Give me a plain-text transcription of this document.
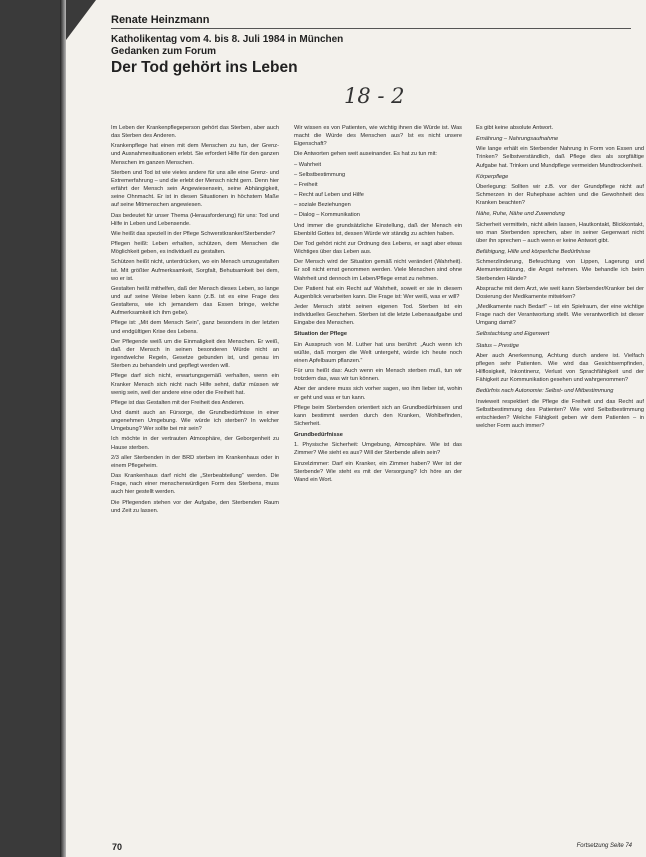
Renate Heinzmann
Katholikentag vom 4. bis 8. Juli 1984 in München
Gedanken zum Forum
Der Tod gehört ins Leben
18 - 2

Im Leben der Krankenpflegeperson gehört das Sterben, aber auch das Sterben des Anderen.

Krankenpflege hat einen mit dem Menschen zu tun, der Grenz- und Ausnahmesituationen erlebt. Sie erfordert Hilfe für den ganzen Menschen im ganzen Menschen.

Sterben und Tod ist wie vieles andere für uns alle eine Grenz- und Extremerfahrung – und die erlebt der Mensch nicht gern. Denn hier erfährt der Mensch sein Angewiesensein, seine Abhängigkeit, seine Ohnmacht. Er ist in diesen Situationen in höchstem Maße auf seine Mitmenschen angewiesen.

Das bedeutet für unser Thema (Herausforderung) für uns: Tod und Hilfe in Leben und Lebensende.

Wie heißt das speziell in der Pflege Schwerstkranker/Sterbender?

Pflegen heißt: Leben erhalten, schützen, dem Menschen die Möglichkeit geben, es individuell zu gestalten.

Schützen heißt nicht, unterdrücken, wo ein Mensch umzugestalten ist. Mit größter Aufmerksamkeit, Sorgfalt, Behutsamkeit bei dem, wo er ist.

Gestalten heißt mithelfen, daß der Mensch dieses Leben, so lange und auf seine Weise leben kann (z.B. ist es eine Frage des Gestaltens, wie ich jemandem das Essen bringe, welche Aufmerksamkeit ich ihm gebe).

Pflege ist: „Mit dem Mensch Sein“, ganz besonders in der letzten und endgültigen Krise des Lebens.

Der Pflegende weiß um die Einmaligkeit des Menschen. Er weiß, daß der Mensch in seinen besonderen Würde nicht an irgendwelche Regeln, Gesetze gebunden ist, und genau im Sterben zu behandeln und gepflegt werden will.

Pflege darf sich nicht, erwartungsgemäß verhalten, wenn ein Kranker Mensch sich nicht nach Hilfe sehnt, dafür müssen wir wenig sein, weil der andere eine oder die Freiheit hat.

Pflege ist das Gestalten mit der Freiheit des Anderen.

Und damit auch an Fürsorge, die Grundbedürfnisse in einer angenehmen Umgebung. Wie würde ich sterben? In welcher Umgebung? Wer sollte bei mir sein?

Ich möchte in der vertrauten Atmosphäre, der Geborgenheit zu Hause sterben.

2/3 aller Sterbenden in der BRD sterben im Krankenhaus oder in einem Pflegeheim.

Das Krankenhaus darf nicht die „Sterbeabteilung“ werden. Die Frage, nach einer menschenwürdigen Form des Sterbens, muss auch hier gestellt werden.

Die Pflegenden stehen vor der Aufgabe, den Sterbenden Raum und Zeit zu lassen.

Wir wissen es von Patienten, wie wichtig ihnen die Würde ist. Was macht die Würde des Menschen aus? Ist es nicht unsere Eigenschaft?

Die Antworten gehen weit auseinander. Es hat zu tun mit:

– Wahrheit

– Selbstbestimmung

– Freiheit

– Recht auf Leben und Hilfe

– soziale Beziehungen

– Dialog – Kommunikation

Und immer die grundsätzliche Einstellung, daß der Mensch ein Ebenbild Gottes ist, dessen Würde wir ständig zu achten haben.

Der Tod gehört nicht zur Ordnung des Lebens, er sagt aber etwas Wichtiges über das Leben aus.

Der Mensch wird der Situation gemäß nicht verändert (Wahrheit). Er soll nicht ernst genommen werden. Viele Menschen sind ohne Wahrheit und dennoch im Leben/Pflege ernst zu nehmen.

Der Patient hat ein Recht auf Wahrheit, soweit er sie in diesem Augenblick verarbeiten kann. Die Frage ist: Wer weiß, was er will?

Jeder Mensch stirbt seinen eigenen Tod. Sterben ist ein individuelles Geschehen. Sterben ist die letzte Lebensaufgabe und Eingabe des Menschen.

Situation der Pflege

Ein Ausspruch von M. Luther hat uns berührt: „Auch wenn ich wüßte, daß morgen die Welt untergeht, würde ich heute noch einen Apfelbaum pflanzen.“

Für uns heißt das: Auch wenn ein Mensch sterben muß, tun wir trotzdem das, was wir tun können.

Aber der andere muss sich vorher sagen, wo ihm lieber ist, wohin er geht und was er tun kann.

Pflege beim Sterbenden orientiert sich an Grundbedürfnissen und kann bestimmt werden durch den Kranken, Wohlbefinden, Sicherheit.

Grundbedürfnisse

1. Physische Sicherheit: Umgebung, Atmosphäre. Wie ist das Zimmer? Wie sieht es aus? Will der Sterbende allein sein?

Einzelzimmer: Darf ein Kranker, ein Zimmer haben? Wer ist der Sterbende? Wie steht es mit der Versorgung? Ich höre an der Wand ein Wort.

Es gibt keine absolute Antwort.

Ernährung – Nahrungsaufnahme

Wie lange erhält ein Sterbender Nahrung in Form von Essen und Trinken? Selbstverständlich, daß Pflege dies als sorgfältige Aufgabe hat. Trinken und Mundpflege vermeiden Mundtrockenheit.

Körperpflege

Überlegung: Sollten wir z.B. vor der Grundpflege nicht auf Schmerzen in der Ruhephase achten und die Gewohnheit des Kranken beachten?

Nähe, Ruhe, Nähe und Zuwendung

Sicherheit vermitteln, nicht allein lassen, Hautkontakt, Blickkontakt, wo man Sterbenden sprechen, aber in seiner Gegenwart nicht über ihn sprechen – auch wenn er keine Antwort gibt.

Befähigung, Hilfe und körperliche Bedürfnisse

Schmerzlinderung, Befeuchtung von Lippen, Lagerung und Atemunterstützung, die Angst nehmen. Wie behandle ich beim Sterbenden Hände?

Absprache mit dem Arzt, wie weit kann Sterbender/Kranker bei der Dosierung der Medikamente mitwirken?

„Medikamente nach Bedarf“ – ist ein Spielraum, der eine wichtige Frage nach der Verantwortung stellt. Wie verantwortlich ist dieser Umgang damit?

Selbstachtung und Eigenwert

Status – Prestige

Aber auch Anerkennung, Achtung durch andere ist. Vielfach pflegen sehr Patienten. Wie wird das Gesichtsempfinden, Hilflosigkeit, Inkontinenz, Verlust von Sprachfähigkeit und der Fähigkeit zur Kommunikation gesehen und wahrgenommen?

Bedürfnis nach Autonomie: Selbst- und Mitbestimmung

Inwieweit respektiert die Pflege die Freiheit und das Recht auf Selbstbestimmung des Patienten? Wie wird Selbstbestimmung entschieden? Welche Fähigkeit geben wir dem Patienten – in welcher Form auch immer?

70	Fortsetzung Seite 74
